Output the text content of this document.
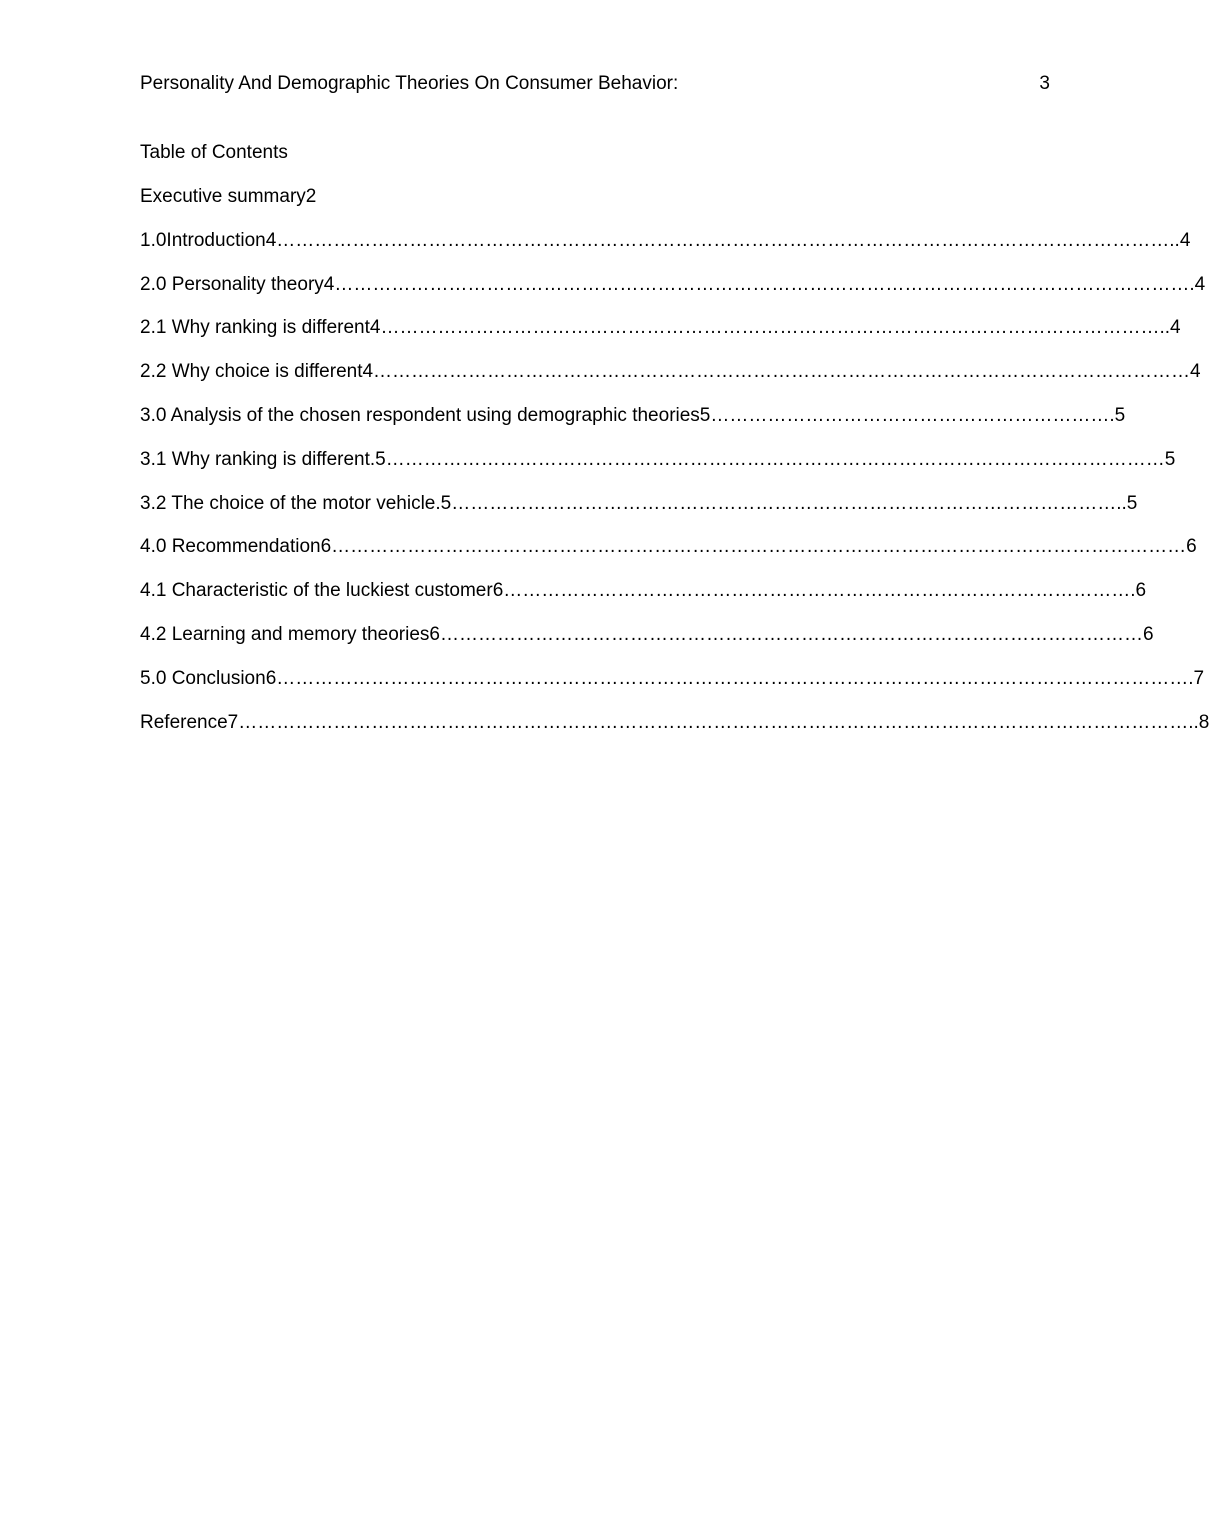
Personality And Demographic Theories On Consumer Behavior:	3
Table of Contents
Executive summary2
1.0Introduction4……………………………………………………………………………………………………………………………..4
2.0 Personality theory4……………………………………………………………………………………………………………………….4
2.1 Why ranking is different4……………………………………………………………………………………………………………..4
2.2 Why choice is different4…………………………………………………………………………………………………………………4
3.0 Analysis of the chosen respondent using demographic theories5……………………………………………………….5
3.1 Why ranking is different.5……………………………………………………………………………………………………………5
3.2 The choice of the motor vehicle.5……………………………………………………………………………………………..5
4.0 Recommendation6………………………………………………………………………………………………………………………6
4.1 Characteristic of the luckiest customer6……………………………………………………………………………………….6
4.2 Learning and memory theories6…………………………………………………………………………………………………6
5.0 Conclusion6……………………………………………………………………………………………………………………………….7
Reference7……………………………………………………………………………………………………………………………………..8
